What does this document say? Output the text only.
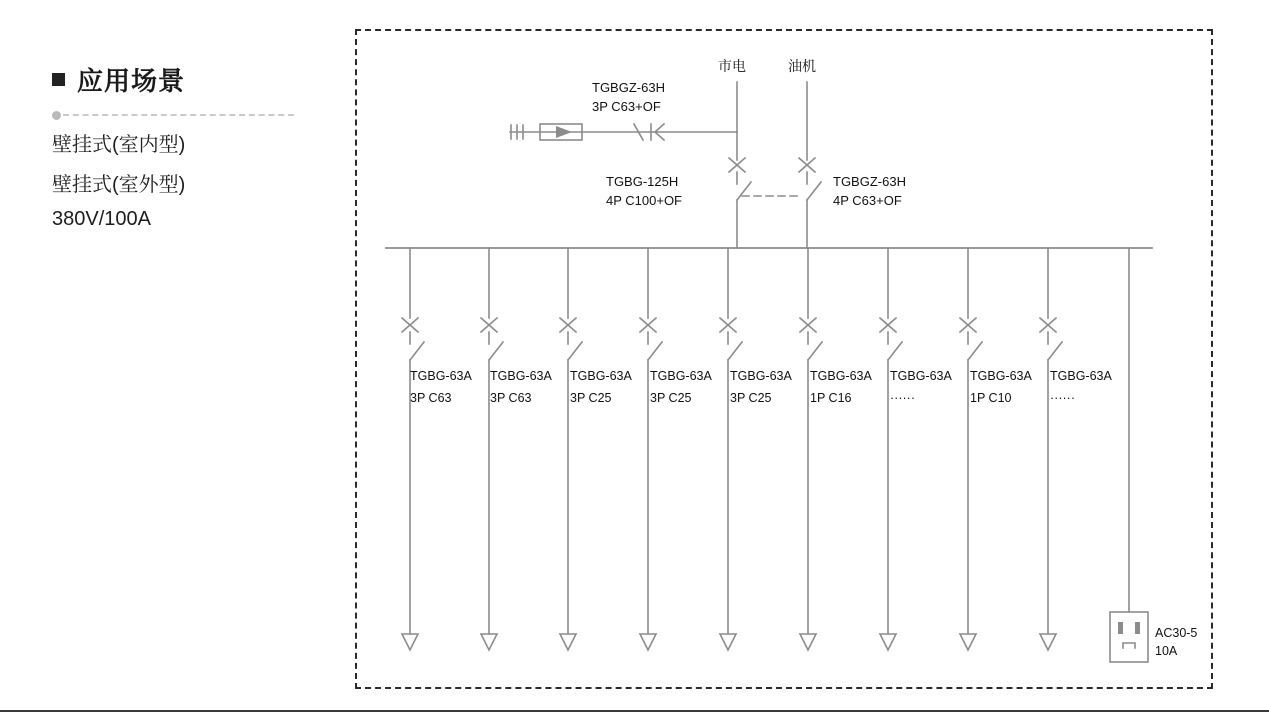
应用场景
壁挂式(室内型)
壁挂式(室外型)
380V/100A
市电	油机
TGBGZ-63H
3P C63+OF
TGBG-125H
4P C100+OF
TGBGZ-63H
4P C63+OF
TGBG-63A
3P C63
TGBG-63A
3P C63
TGBG-63A
3P C25
TGBG-63A
3P C25
TGBG-63A
3P C25
TGBG-63A
1P C16
TGBG-63A
······
TGBG-63A
1P C10
TGBG-63A
······
AC30-5
10A
